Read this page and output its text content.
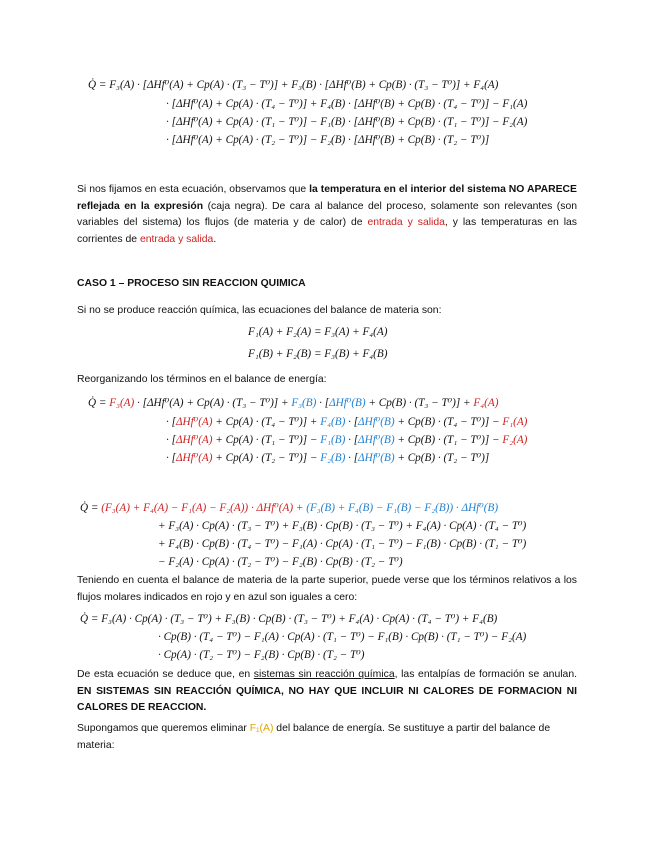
Q̇ = F₃(A) · [ΔHf⁰(A) + Cp(A) · (T₃ − T⁰)] + F₃(B) · [ΔHf⁰(B) + Cp(B) · (T₃ − T⁰)] + F₄(A)
· [ΔHf⁰(A) + Cp(A) · (T₄ − T⁰)] + F₄(B) · [ΔHf⁰(B) + Cp(B) · (T₄ − T⁰)] − F₁(A)
· [ΔHf⁰(A) + Cp(A) · (T₁ − T⁰)] − F₁(B) · [ΔHf⁰(B) + Cp(B) · (T₁ − T⁰)] − F₂(A)
· [ΔHf⁰(A) + Cp(A) · (T₂ − T⁰)] − F₂(B) · [ΔHf⁰(B) + Cp(B) · (T₂ − T⁰)]
Si nos fijamos en esta ecuación, observamos que la temperatura en el interior del sistema NO APARECE reflejada en la expresión (caja negra). De cara al balance del proceso, solamente son relevantes (son variables del sistema) los flujos (de materia y de calor) de entrada y salida, y las temperaturas en las corrientes de entrada y salida.
CASO 1 – PROCESO SIN REACCION QUIMICA
Si no se produce reacción química, las ecuaciones del balance de materia son:
F₁(A) + F₂(A) = F₃(A) + F₄(A)
F₁(B) + F₂(B) = F₃(B) + F₄(B)
Reorganizando los términos en el balance de energía:
Q̇ = F₃(A) · [ΔHf⁰(A) + Cp(A) · (T₃ − T⁰)] + F₃(B) · [ΔHf⁰(B) + Cp(B) · (T₃ − T⁰)] + F₄(A)
· [ΔHf⁰(A) + Cp(A) · (T₄ − T⁰)] + F₄(B) · [ΔHf⁰(B) + Cp(B) · (T₄ − T⁰)] − F₁(A)
· [ΔHf⁰(A) + Cp(A) · (T₁ − T⁰)] − F₁(B) · [ΔHf⁰(B) + Cp(B) · (T₁ − T⁰)] − F₂(A)
· [ΔHf⁰(A) + Cp(A) · (T₂ − T⁰)] − F₂(B) · [ΔHf⁰(B) + Cp(B) · (T₂ − T⁰)]
Q̇ = (F₃(A) + F₄(A) − F₁(A) − F₂(A)) · ΔHf⁰(A) + (F₃(B) + F₄(B) − F₁(B) − F₂(B)) · ΔHf⁰(B)
+ F₃(A) · Cp(A) · (T₃ − T⁰) + F₃(B) · Cp(B) · (T₃ − T⁰) + F₄(A) · Cp(A) · (T₄ − T⁰)
+ F₄(B) · Cp(B) · (T₄ − T⁰) − F₁(A) · Cp(A) · (T₁ − T⁰) − F₁(B) · Cp(B) · (T₁ − T⁰)
− F₂(A) · Cp(A) · (T₂ − T⁰) − F₂(B) · Cp(B) · (T₂ − T⁰)
Teniendo en cuenta el balance de materia de la parte superior, puede verse que los términos relativos a los flujos molares indicados en rojo y en azul son iguales a cero:
Q̇ = F₃(A) · Cp(A) · (T₃ − T⁰) + F₃(B) · Cp(B) · (T₃ − T⁰) + F₄(A) · Cp(A) · (T₄ − T⁰) + F₄(B)
· Cp(B) · (T₄ − T⁰) − F₁(A) · Cp(A) · (T₁ − T⁰) − F₁(B) · Cp(B) · (T₁ − T⁰) − F₂(A)
· Cp(A) · (T₂ − T⁰) − F₂(B) · Cp(B) · (T₂ − T⁰)
De esta ecuación se deduce que, en sistemas sin reacción química, las entalpías de formación se anulan. EN SISTEMAS SIN REACCIÓN QUÍMICA, NO HAY QUE INCLUIR NI CALORES DE FORMACION NI CALORES DE REACCION.
Supongamos que queremos eliminar F₁(A) del balance de energía. Se sustituye a partir del balance de materia:
